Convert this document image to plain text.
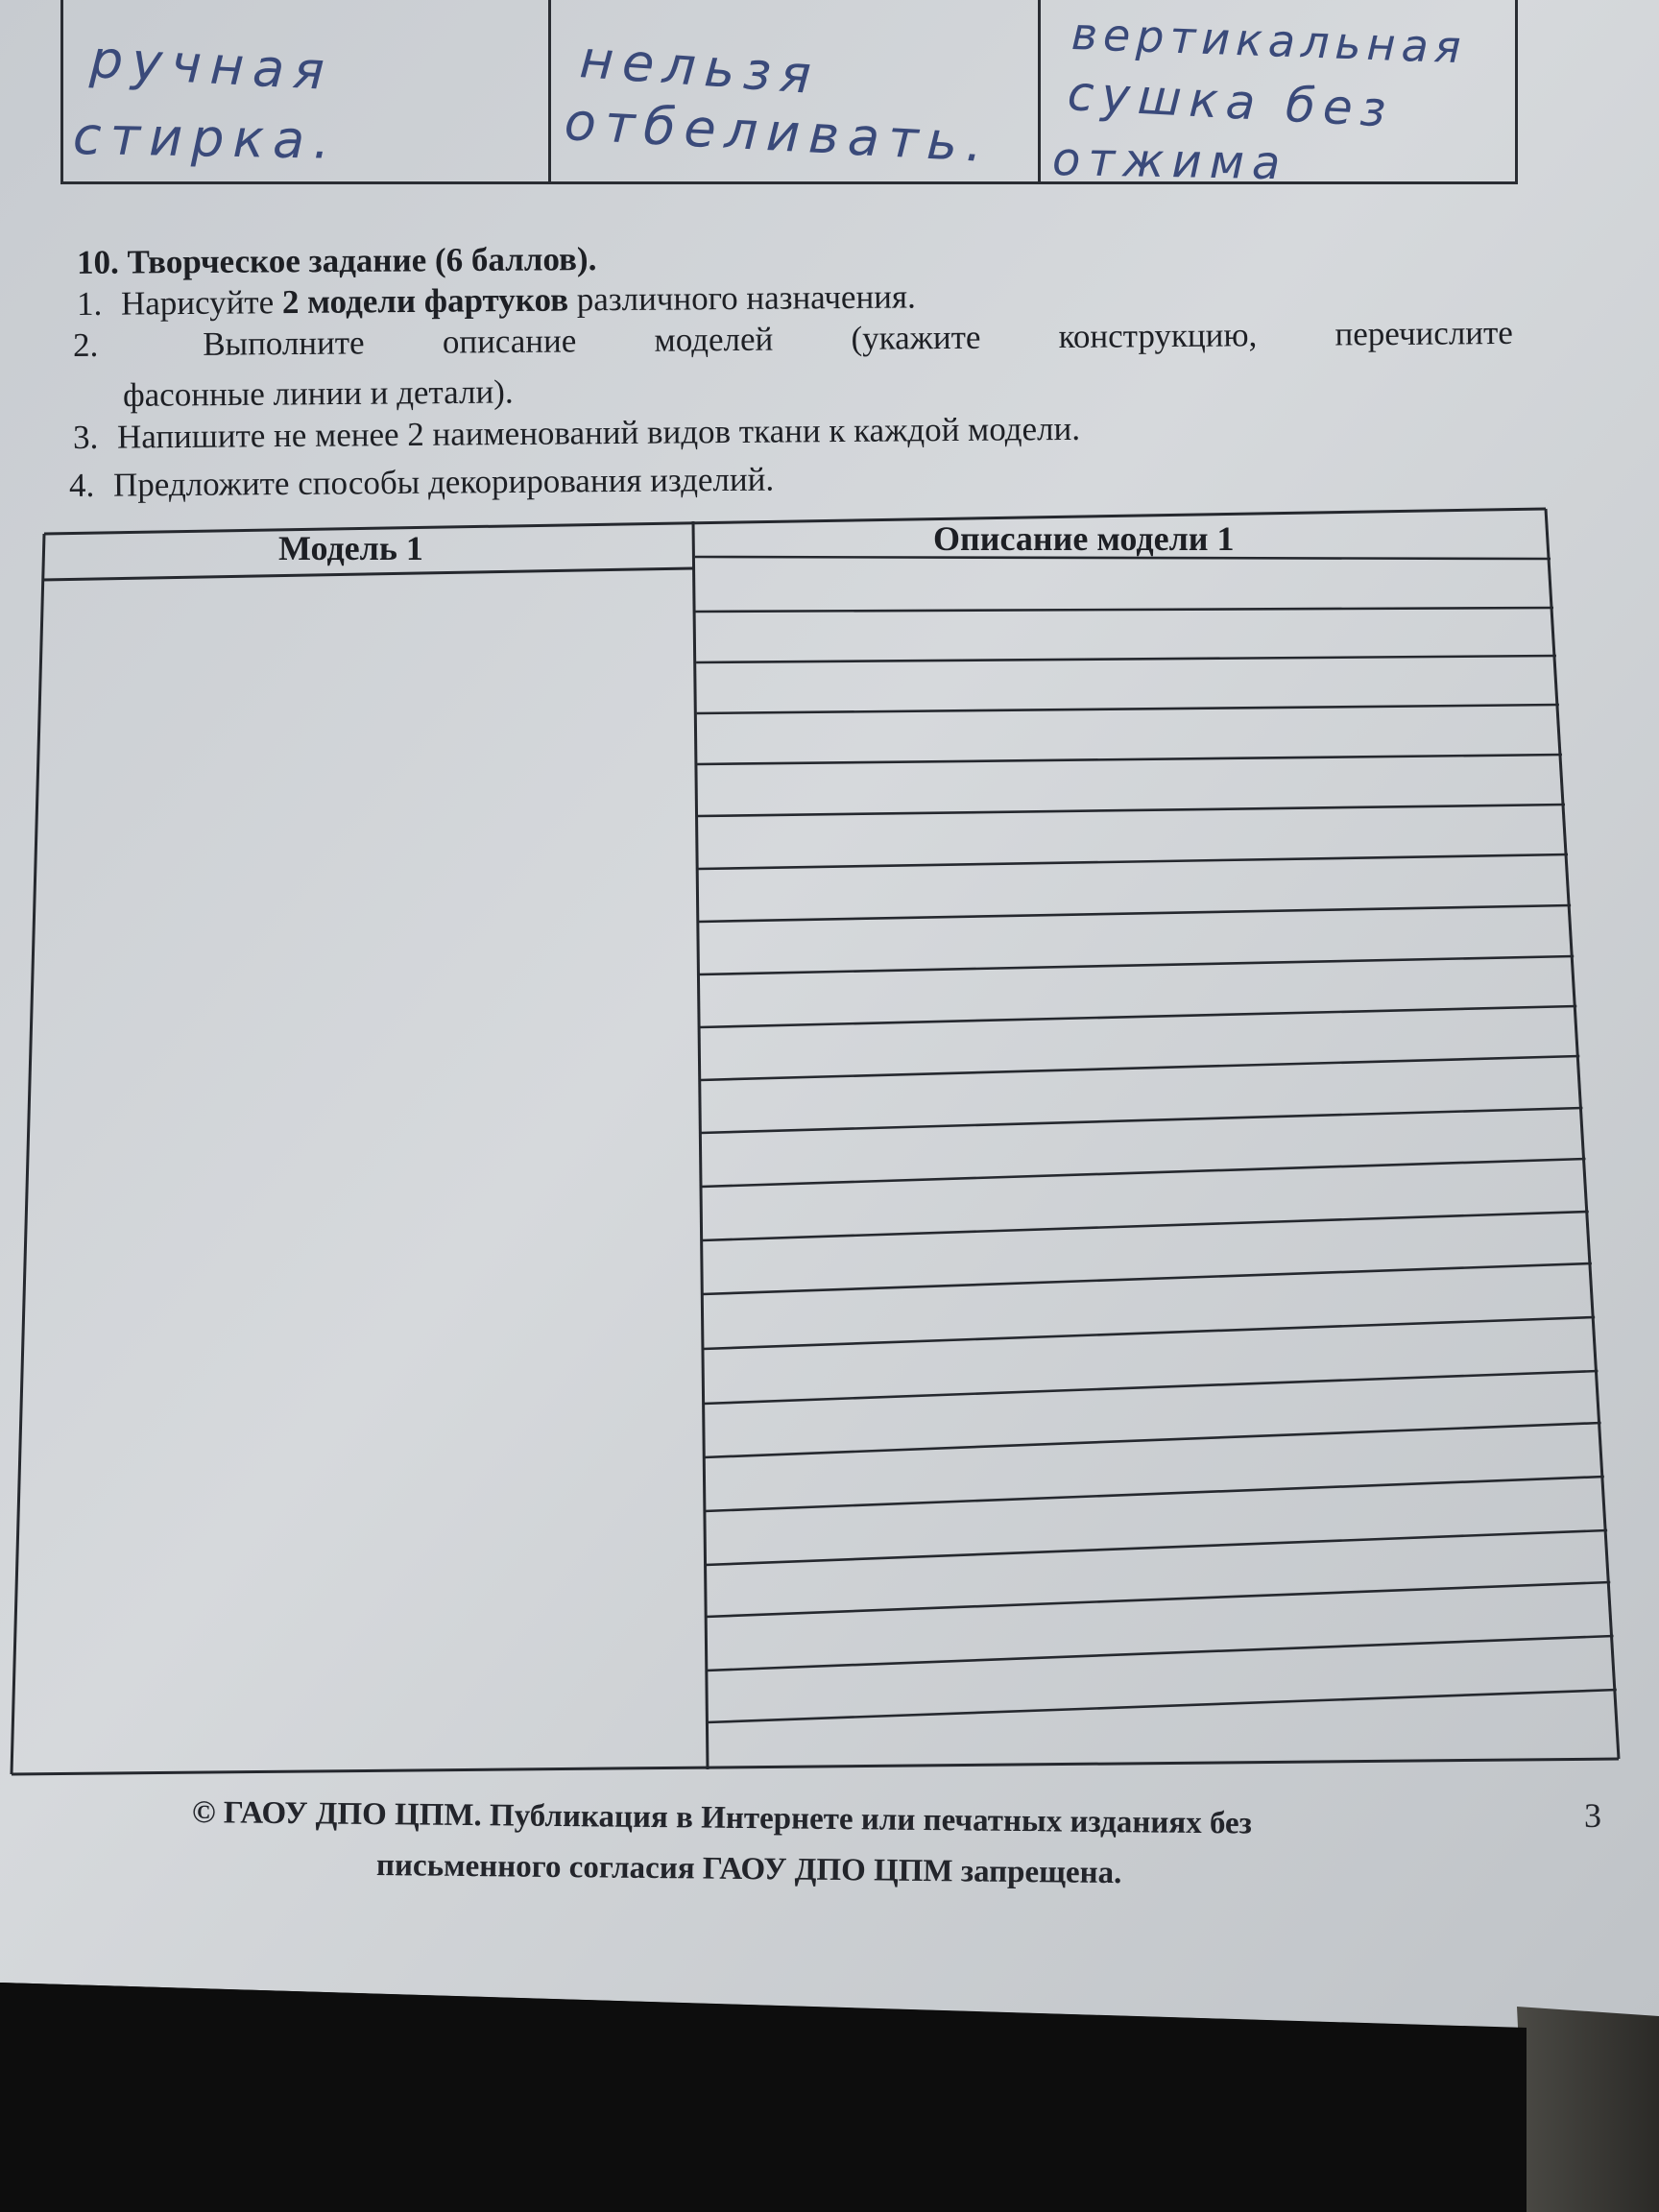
ручная
стирка.
нельзя
отбеливать.
вертикальная
сушка без
отжима
10. Творческое задание (6 баллов).
1. Нарисуйте 2 модели фартуков различного назначения.
2.	Выполните описание моделей (укажите конструкцию, перечислите
фасонные линии и детали).
3. Напишите не менее 2 наименований видов ткани к каждой модели.
4. Предложите способы декорирования изделий.
Модель 1	Описание модели 1
© ГАОУ ДПО ЦПМ. Публикация в Интернете или печатных изданиях без
письменного согласия ГАОУ ДПО ЦПМ запрещена.
3
